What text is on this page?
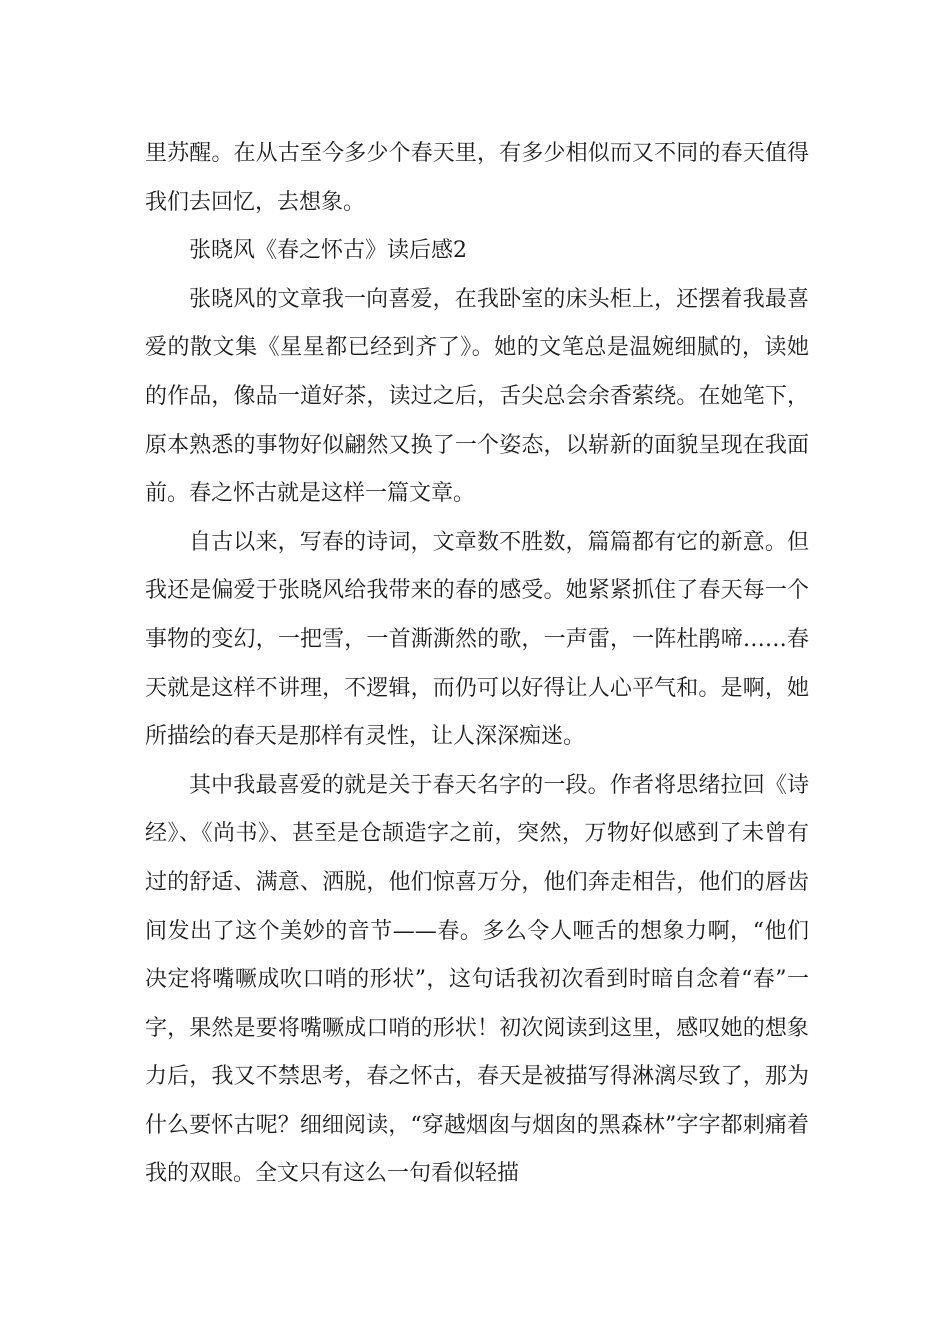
里苏醒。在从古至今多少个春天里，有多少相似而又不同的春天值得我们去回忆，去想象。

张晓风《春之怀古》读后感2

张晓风的文章我一向喜爱，在我卧室的床头柜上，还摆着我最喜爱的散文集《星星都已经到齐了》。她的文笔总是温婉细腻的，读她的作品，像品一道好茶，读过之后，舌尖总会余香萦绕。在她笔下，原本熟悉的事物好似翩然又换了一个姿态，以崭新的面貌呈现在我面前。春之怀古就是这样一篇文章。

自古以来，写春的诗词，文章数不胜数，篇篇都有它的新意。但我还是偏爱于张晓风给我带来的春的感受。她紧紧抓住了春天每一个事物的变幻，一把雪，一首澌澌然的歌，一声雷，一阵杜鹃啼……春天就是这样不讲理，不逻辑，而仍可以好得让人心平气和。是啊，她所描绘的春天是那样有灵性，让人深深痴迷。

其中我最喜爱的就是关于春天名字的一段。作者将思绪拉回《诗经》、《尚书》、甚至是仓颉造字之前，突然，万物好似感到了未曾有过的舒适、满意、洒脱，他们惊喜万分，他们奔走相告，他们的唇齿间发出了这个美妙的音节——春。多么令人咂舌的想象力啊，“他们决定将嘴噘成吹口哨的形状”，这句话我初次看到时暗自念着“春”一字，果然是要将嘴噘成口哨的形状！初次阅读到这里，感叹她的想象力后，我又不禁思考，春之怀古，春天是被描写得淋漓尽致了，那为什么要怀古呢？细细阅读，“穿越烟囱与烟囱的黑森林”字字都刺痛着我的双眼。全文只有这么一句看似轻描
